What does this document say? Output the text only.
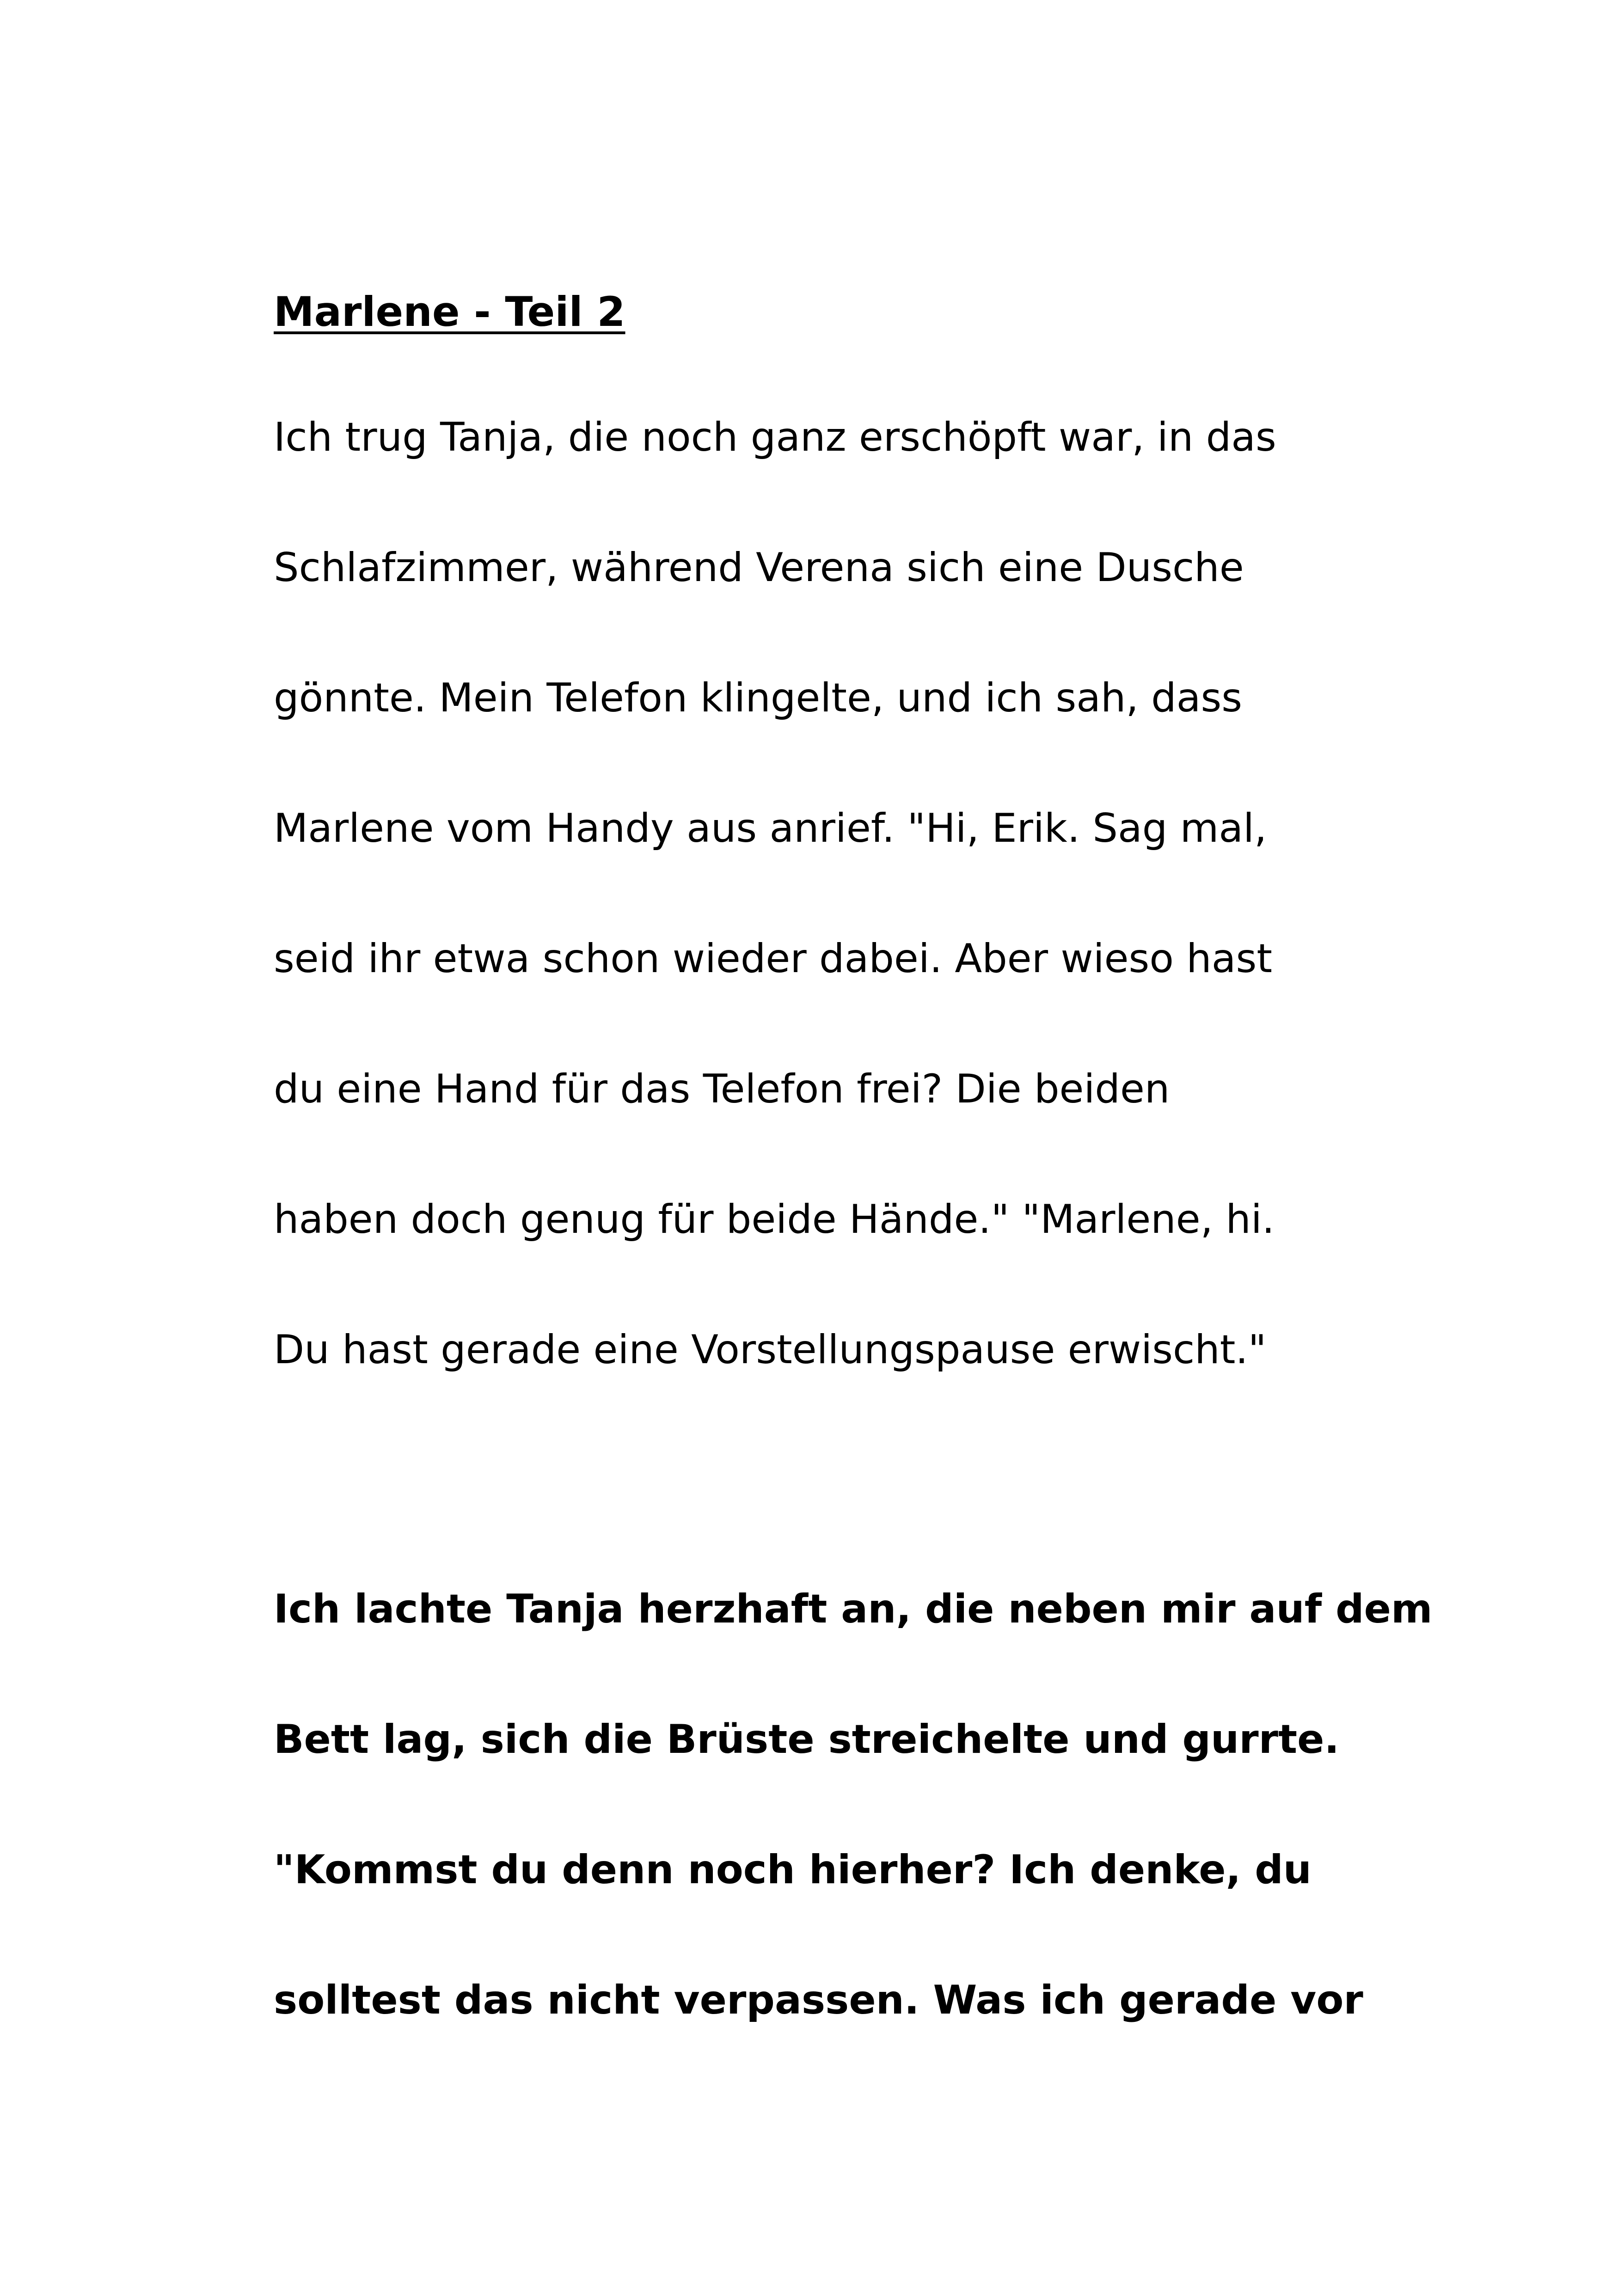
Marlene - Teil 2

Ich trug Tanja, die noch ganz erschöpft war, in das

Schlafzimmer, während Verena sich eine Dusche

gönnte. Mein Telefon klingelte, und ich sah, dass

Marlene vom Handy aus anrief. "Hi, Erik. Sag mal,

seid ihr etwa schon wieder dabei. Aber wieso hast

du eine Hand für das Telefon frei? Die beiden

haben doch genug für beide Hände." "Marlene, hi.

Du hast gerade eine Vorstellungspause erwischt."

Ich lachte Tanja herzhaft an, die neben mir auf dem

Bett lag, sich die Brüste streichelte und gurrte.

"Kommst du denn noch hierher? Ich denke, du

solltest das nicht verpassen. Was ich gerade vor
